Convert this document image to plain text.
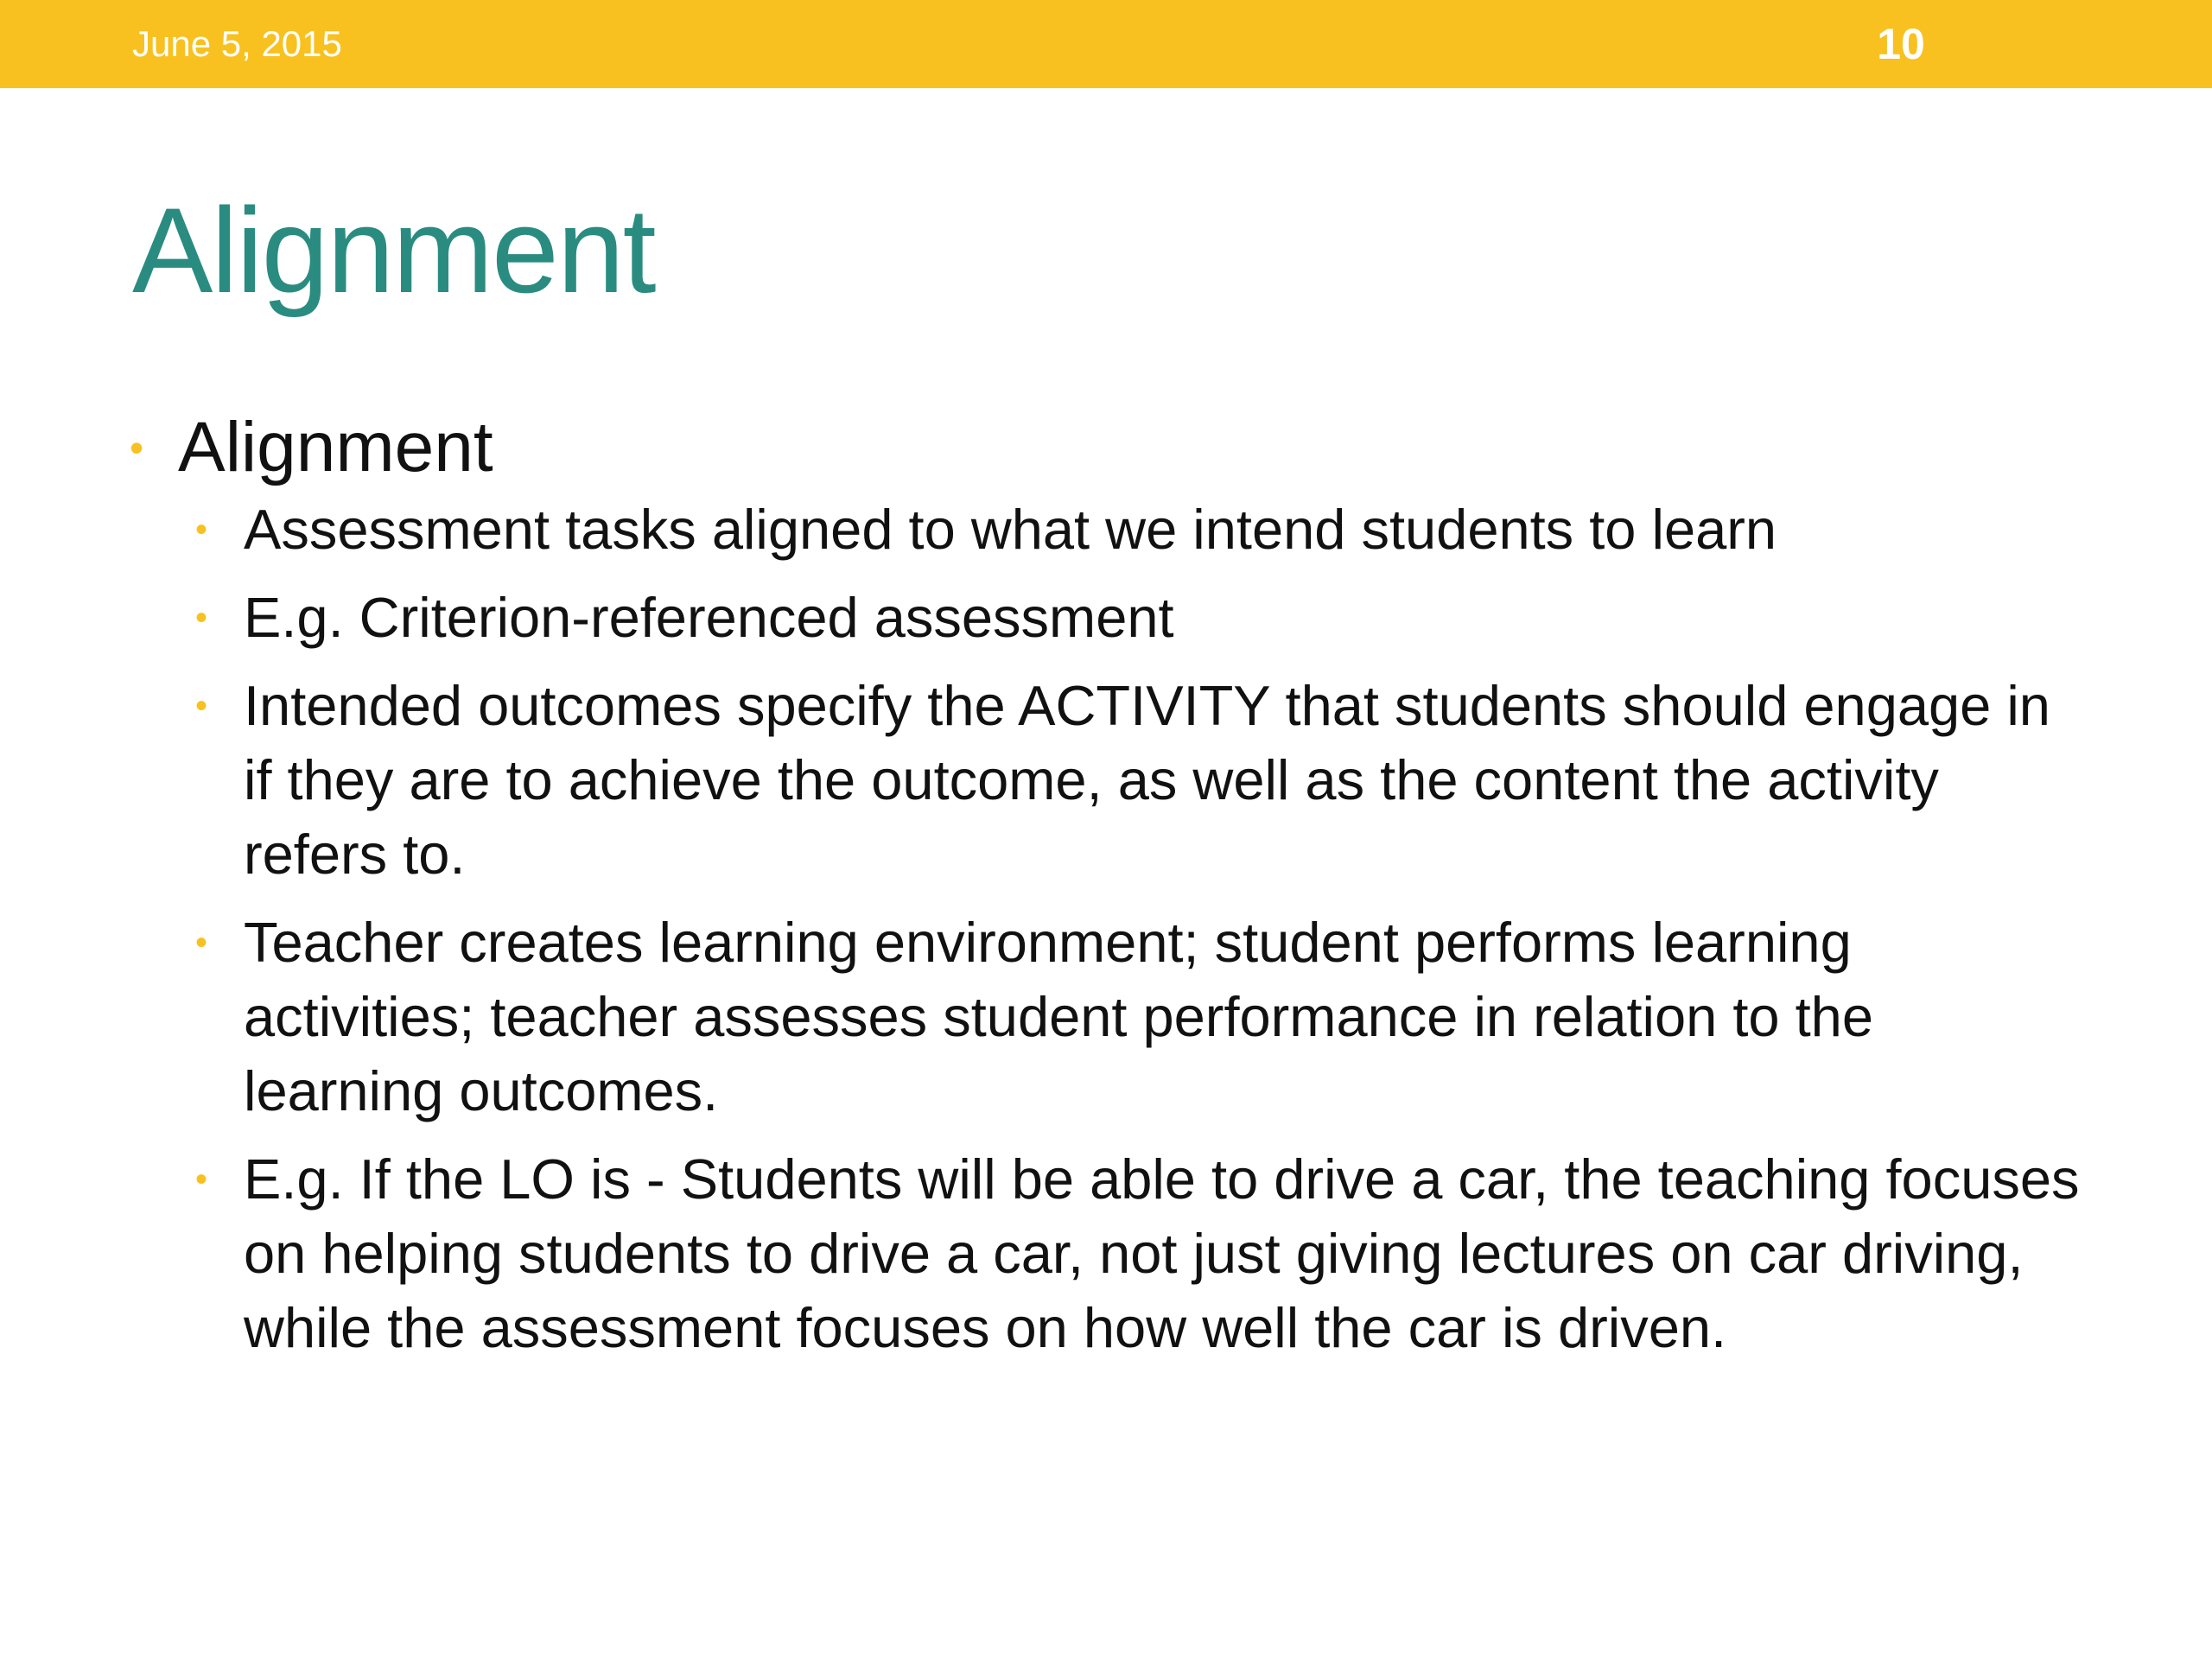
June 5, 2015	10
Alignment
• Alignment
• Assessment tasks aligned to what we intend students to learn
• E.g. Criterion-referenced assessment
• Intended outcomes specify the ACTIVITY that students should engage in if they are to achieve the outcome, as well as the content the activity refers to.
• Teacher creates learning environment; student performs learning activities; teacher assesses student performance in relation to the learning outcomes.
• E.g. If the LO is - Students will be able to drive a car, the teaching focuses on helping students to drive a car, not just giving lectures on car driving, while the assessment focuses on how well the car is driven.
